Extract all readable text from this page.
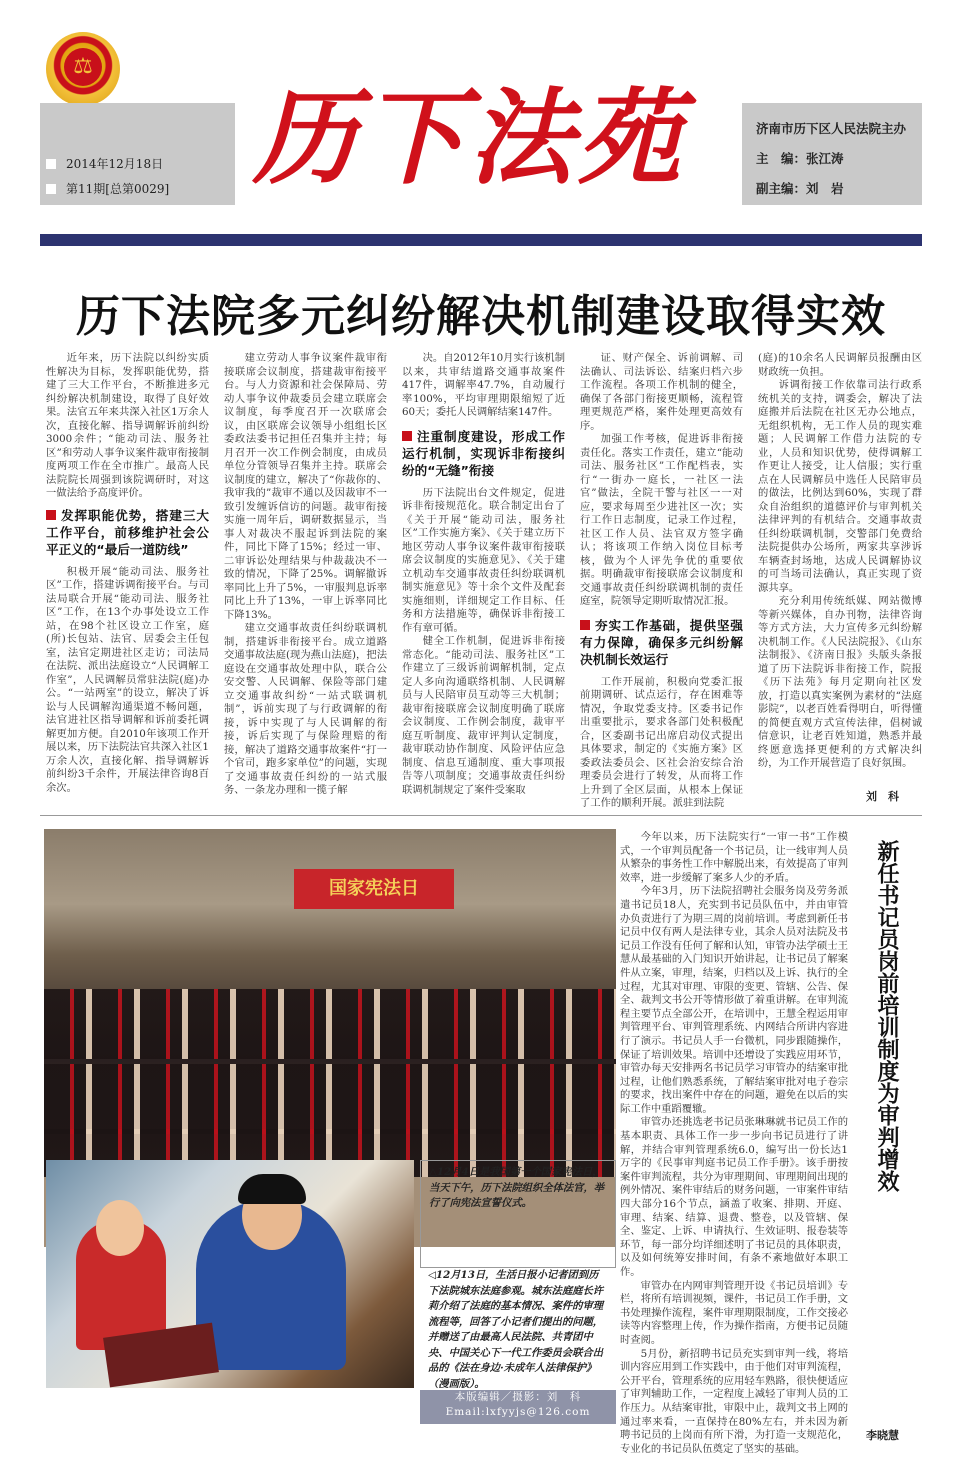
⚖
2014年12月18日
第11期[总第0029] 历下法苑	济南市历下区人民法院主办
主　编：张江涛
副主编：刘　岩
历下法院多元纠纷解决机制建设取得实效

近年来，历下法院以纠纷实质性解决为目标，发挥职能优势，搭建了三大工作平台，不断推进多元纠纷解决机制建设，取得了良好效果。法官五年来共深入社区1万余人次，直接化解、指导调解诉前纠纷3000余件；“能动司法、服务社区”和劳动人事争议案件裁审衔接制度两项工作在全市推广。最高人民法院院长周强到该院调研时，对这一做法给予高度评价。

发挥职能优势，搭建三大工作平台，前移维护社会公平正义的“最后一道防线”

积极开展“能动司法、服务社区”工作，搭建诉调衔接平台。与司法局联合开展“能动司法、服务社区”工作，在13个办事处设立工作站，在98个社区设立工作室，庭(所)长包站、法官、居委会主任包室，法官定期进社区走访；司法局在法院、派出法庭设立“人民调解工作室”，人民调解员常驻法院(庭)办公。“一站两室”的设立，解决了诉讼与人民调解沟通渠道不畅问题，法官进社区指导调解和诉前委托调解更加方便。自2010年该项工作开展以来，历下法院法官共深入社区1万余人次，直接化解、指导调解诉前纠纷3千余件，开展法律咨询8百余次。

建立劳动人事争议案件裁审衔接联席会议制度，搭建裁审衔接平台。与人力资源和社会保障局、劳动人事争议仲裁委员会建立联席会议制度，每季度召开一次联席会议，由区联席会议领导小组组长区委政法委书记担任召集并主持；每月召开一次工作例会制度，由成员单位分管领导召集并主持。联席会议制度的建立，解决了“你裁你的、我审我的”裁审不通以及因裁审不一致引发缠诉信访的问题。裁审衔接实施一周年后，调研数据显示，当事人对裁决不服起诉到法院的案件，同比下降了15%；经过一审、二审诉讼处理结果与仲裁裁决不一致的情况，下降了25%。调解撤诉率同比上升了5%，一审服判息诉率同比上升了13%，一审上诉率同比下降13%。

建立交通事故责任纠纷联调机制，搭建诉非衔接平台。成立道路交通事故法庭(现为燕山法庭)，把法庭设在交通事故处理中队，联合公安交警、人民调解、保险等部门建立交通事故纠纷“一站式联调机制”，诉前实现了与行政调解的衔接，诉中实现了与人民调解的衔接，诉后实现了与保险理赔的衔接，解决了道路交通事故案件“打一个官司，跑多家单位”的问题，实现了交通事故责任纠纷的一站式服务、一条龙办理和一揽子解

决。自2012年10月实行该机制以来，共审结道路交通事故案件417件，调解率47.7%，自动履行率100%，平均审理期限缩短了近60天；委托人民调解结案147件。

注重制度建设，形成工作运行机制，实现诉非衔接纠纷的“无缝”衔接

历下法院出台文件规定，促进诉非衔接规范化。联合制定出台了《关于开展“能动司法，服务社区”工作实施方案》、《关于建立历下地区劳动人事争议案件裁审衔接联席会议制度的实施意见》、《关于建立机动车交通事故责任纠纷联调机制实施意见》等十余个文件及配套实施细则，详细规定工作目标、任务和方法措施等，确保诉非衔接工作有章可循。

健全工作机制，促进诉非衔接常态化。“能动司法、服务社区”工作建立了三级诉前调解机制，定点定人多向沟通联络机制、人民调解员与人民陪审员互动等三大机制；裁审衔接联席会议制度明确了联席会议制度、工作例会制度，裁审平庭互听制度、裁审评判认定制度，裁审联动协作制度、风险评估应急制度、信息互通制度、重大事项报告等八项制度；交通事故责任纠纷联调机制规定了案件受案取

证、财产保全、诉前调解、司法确认、司法诉讼、结案归档六步工作流程。各项工作机制的健全，确保了各部门衔接更顺畅，流程管理更规范严格，案件处理更高效有序。

加强工作考核，促进诉非衔接责任化。落实工作责任，建立“能动司法、服务社区”工作配档表，实行“一街办一庭长，一社区一法官”做法，全院干警与社区一一对应，要求每周至少进社区一次；实行工作日志制度，记录工作过程，社区工作人员、法官双方签字确认；将该项工作纳入岗位目标考核，做为个人评先争优的重要依据。明确裁审衔接联席会议制度和交通事故责任纠纷联调机制的责任庭室，院领导定期听取情况汇报。

夯实工作基础，提供坚强有力保障，确保多元纠纷解决机制长效运行

工作开展前，积极向党委汇报前期调研、试点运行，存在困难等情况，争取党委支持。区委书记作出重要批示，要求各部门处积极配合，区委副书记出席启动仪式提出具体要求，制定的《实施方案》区委政法委员会、区社会治安综合治理委员会进行了转发，从而将工作上升到了全区层面，从根本上保证了工作的顺利开展。派驻到法院

(庭)的10余名人民调解员报酬由区财政统一负担。

诉调衔接工作依靠司法行政系统机关的支持，调委会，解决了法庭搬并后法院在社区无办公地点，无组织机构，无工作人员的现实难题；人民调解工作借力法院的专业，人员和知识优势，使得调解工作更让人接受，让人信服；实行重点在人民调解员中选任人民陪审员的做法，比例达到60%，实现了群众自治组织的道德评价与审判机关法律评判的有机结合。交通事故责任纠纷联调机制，交警部门免费给法院提供办公场所，两家共享涉诉车辆查封场地，达成人民调解协议的可当场司法确认，真正实现了资源共享。

充分利用传统纸媒、网站微博等新兴媒体，自办刊物，法律咨询等方式方法，大力宣传多元纠纷解决机制工作。《人民法院报》、《山东法制报》、《济南日报》头版头条报道了历下法院诉非衔接工作，院报《历下法苑》每月定期向社区发放，打造以真实案例为素材的“法庭影院”，以老百姓看得明白，听得懂的简便直观方式宣传法律，倡树诚信意识，让老百姓知道，熟悉并最终愿意选择更便利的方式解决纠纷，为工作开展营造了良好氛围。

刘　科
国家宪法日
△12月4日是我国第一个国家宪法日，当天下午，历下法院组织全体法官，举行了向宪法宣誓仪式。
◁12月13日，生活日报小记者团到历下法院城东法庭参观。城东法庭庭长许莉介绍了法庭的基本情况、案件的审理流程等，回答了小记者们提出的问题，并赠送了由最高人民法院、共青团中央、中国关心下一代工作委员会联合出品的《法在身边·未成年人法律保护》（漫画版）。
本版编辑／摄影：刘　科
Email:lxfyyjs@126.com

今年以来，历下法院实行“一审一书”工作模式，一个审判员配备一个书记员，让一线审判人员从繁杂的事务性工作中解脱出来，有效提高了审判效率，进一步缓解了案多人少的矛盾。

今年3月，历下法院招聘社会服务岗及劳务派遣书记员18人，充实到书记员队伍中，并由审管办负责进行了为期三周的岗前培训。考虑到新任书记员中仅有两人是法律专业，其余人员对法院及书记员工作没有任何了解和认知，审管办法学硕士王慧从最基础的入门知识开始讲起，让书记员了解案件从立案，审理，结案，归档以及上诉、执行的全过程，尤其对审理、审限的变更、管辖、公告、保全、裁判文书公开等情形做了着重讲解。在审判流程主要节点全部公开，在培训中，王慧全程运用审判管理平台、审判管理系统、内网结合所讲内容进行了演示。书记员人手一台微机，同步跟随操作，保证了培训效果。培训中还增设了实践应用环节，审管办每天安排两名书记员学习审管办的结案审批过程，让他们熟悉系统，了解结案审批对电子卷宗的要求，找出案件中存在的问题，避免在以后的实际工作中重蹈覆辙。

审管办还挑选老书记员张琳琳就书记员工作的基本职责、具体工作一步一步向书记员进行了讲解，并结合审判管理系统6.0，编写出一份长达1万字的《民事审判庭书记员工作手册》。该手册按案件审判流程，共分为审理期间、审理期间出现的例外情况、案件审结后的财务问题，一审案件审结四大部分16个节点，涵盖了收案、排期、开庭、审理、结案、结算、退费、整卷，以及管辖、保全、鉴定、上诉、申请执行、生效证明、报卷装等环节，每一部分均详细述明了书记员的具体职责，以及如何统筹安排时间，有条不紊地做好本职工作。

审管办在内网审判管理开设《书记员培训》专栏，将所有培训视频，课件，书记员工作手册，文书处理操作流程，案件审理期限制度，工作交接必读等内容整理上传，作为操作指南，方便书记员随时查阅。

5月份，新招聘书记员充实到审判一线，将培训内容应用到工作实践中，由于他们对审判流程，公开平台，管理系统的应用轻车熟路，很快便适应了审判辅助工作，一定程度上减轻了审判人员的工作压力。从结案审批，审限中止，裁判文书上网的通过率来看，一直保持在80%左右，并未因为新聘书记员的上岗而有所下滑，为打造一支规范化，专业化的书记员队伍奠定了坚实的基础。

新任书记员岗前培训制度为审判增效
李晓慧
